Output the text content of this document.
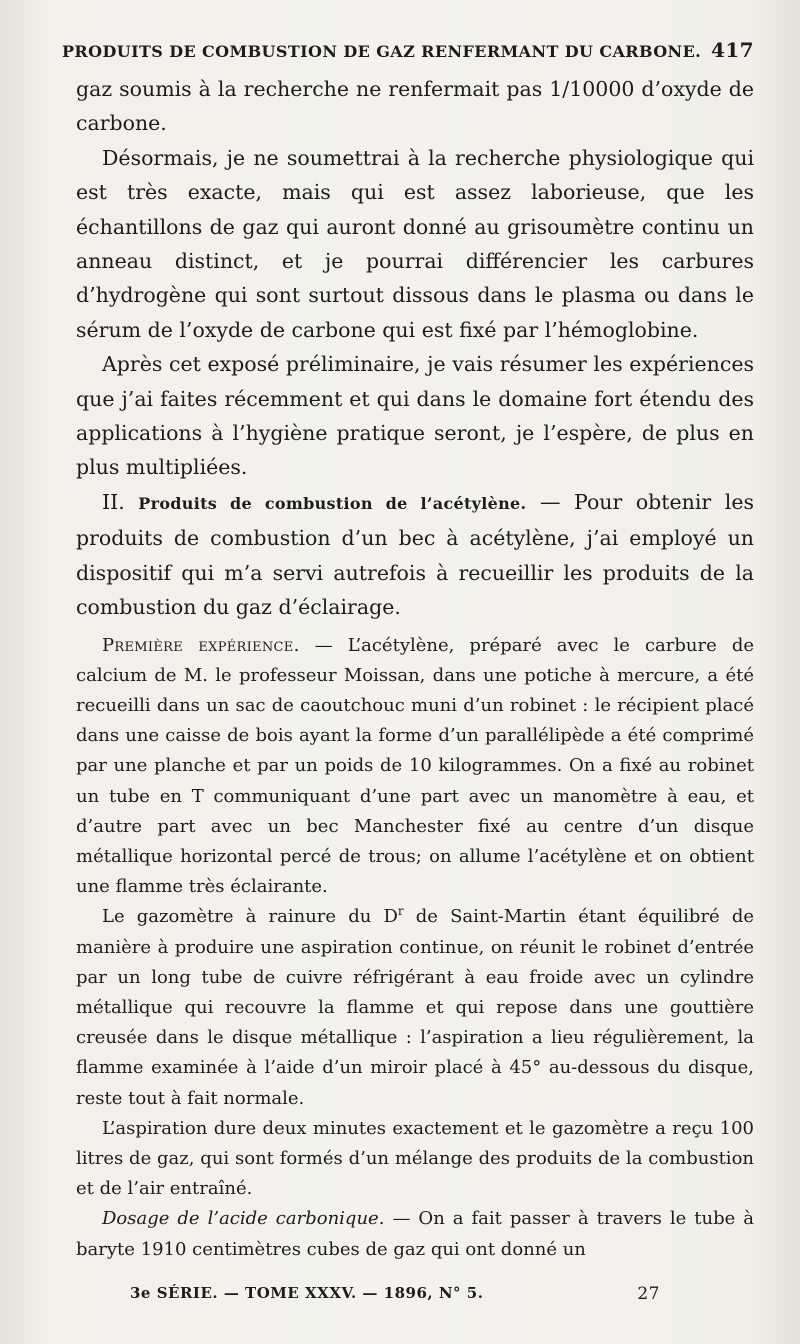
PRODUITS DE COMBUSTION DE GAZ RENFERMANT DU CARBONE. 417

gaz soumis à la recherche ne renfermait pas 1/10000 d’oxyde de carbone.

Désormais, je ne soumettrai à la recherche physiologique qui est très exacte, mais qui est assez laborieuse, que les échantillons de gaz qui auront donné au grisoumètre continu un anneau distinct, et je pourrai différencier les carbures d’hydrogène qui sont surtout dissous dans le plasma ou dans le sérum de l’oxyde de carbone qui est fixé par l’hémoglobine.

Après cet exposé préliminaire, je vais résumer les expériences que j’ai faites récemment et qui dans le domaine fort étendu des applications à l’hygiène pratique seront, je l’espère, de plus en plus multipliées.

II. Produits de combustion de l’acétylène. — Pour obtenir les produits de combustion d’un bec à acétylène, j’ai employé un dispositif qui m’a servi autrefois à recueillir les produits de la combustion du gaz d’éclairage.

Première expérience. — L’acétylène, préparé avec le carbure de calcium de M. le professeur Moissan, dans une potiche à mercure, a été recueilli dans un sac de caoutchouc muni d’un robinet : le récipient placé dans une caisse de bois ayant la forme d’un parallélipède a été comprimé par une planche et par un poids de 10 kilogrammes. On a fixé au robinet un tube en T communiquant d’une part avec un manomètre à eau, et d’autre part avec un bec Manchester fixé au centre d’un disque métallique horizontal percé de trous; on allume l’acétylène et on obtient une flamme très éclairante.

Le gazomètre à rainure du $D^r$ de Saint-Martin étant équilibré de manière à produire une aspiration continue, on réunit le robinet d’entrée par un long tube de cuivre réfrigérant à eau froide avec un cylindre métallique qui recouvre la flamme et qui repose dans une gouttière creusée dans le disque métallique : l’aspiration a lieu régulièrement, la flamme examinée à l’aide d’un miroir placé à 45° au-dessous du disque, reste tout à fait normale.

L’aspiration dure deux minutes exactement et le gazomètre a reçu 100 litres de gaz, qui sont formés d’un mélange des produits de la combustion et de l’air entraîné.

Dosage de l’acide carbonique. — On a fait passer à travers le tube à baryte 1910 centimètres cubes de gaz qui ont donné un

3e SÉRIE. — TOME XXXV. — 1896, N° 5.	27
